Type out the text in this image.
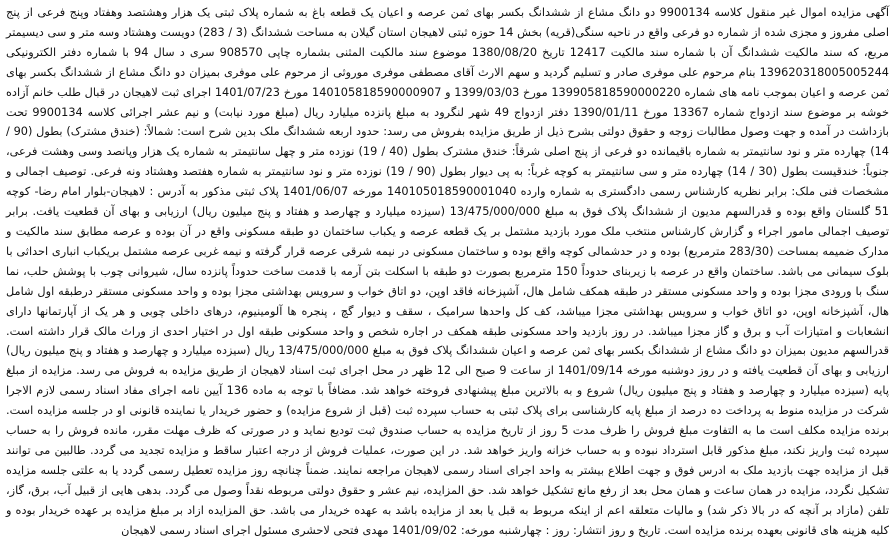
آگهی مزایده اموال غیر منقول کلاسه 9900134 دو دانگ مشاع از ششدانگ بکسر بهای ثمن عرصه و اعیان یک قطعه باغ به شماره پلاک ثبتی یک هزار وهشتصد وهفتاد وپنج فرعی از پنج اصلی مفروز و مجزی شده از شماره دو فرعی واقع در ناحیه سنگی(قریه) بخش 14 حوزه ثبتی لاهیجان استان گیلان به مساحت ششدانگ (3 / 283) دویست وهشتاد وسه متر و سی دیسیمتر مربع، که سند مالکیت ششدانگ آن با شماره سند مالکیت 12417 تاریخ 1380/08/20 موضوع سند مالکیت المثنی بشماره چاپی 908570 سری د سال 94 با شماره دفتر الکترونیکی 139620318005005244 بنام مرحوم علی موفری صادر و تسلیم گردید و سهم الارث آقای مصطفی موفری موروثی از مرحوم علی موفری بمیزان دو دانگ مشاع از ششدانگ بکسر بهای ثمن عرصه و اعیان بموجب نامه های شماره 139905818590000220 مورخ 1399/03/03 و 140105818590000907 مورخ 1401/07/23 اجرای ثبت لاهیجان در قبال طلب خانم آزاده خوشه بر موضوع سند ازدواج شماره 13367 مورخ 1390/01/11 دفتر ازدواج 49 شهر لنگرود به مبلغ پانزده میلیارد ریال (مبلغ مورد نیابت) و نیم عشر اجرائی کلاسه 9900134 تحت بازداشت در آمده و جهت وصول مطالبات زوجه و حقوق دولتی بشرح ذیل از طریق مزایده بفروش می رسد: حدود اربعه ششدانگ ملک بدین شرح است: شمالاً: (خندق مشترک) بطول (90 / 14) چهارده متر و نود سانتیمتر به شماره باقیمانده دو فرعی از پنج اصلی شرقاً: خندق مشترک بطول (40 / 19) نوزده متر و چهل سانتیمتر به شماره یک هزار وپانصد وسی وهشت فرعی، جنوباً: خندقیست بطول (30 / 14) چهارده متر و سی سانتیمتر به کوچه غرباً: به پی دیوار بطول (90 / 19) نوزده متر و نود سانتیمتر به شماره هفتصد وهشتاد ونه فرعی. توصیف اجمالی و مشخصات فنی ملک: برابر نظریه کارشناس رسمی دادگستری به شماره وارده 140105018590001040 مورخه 1401/06/07 پلاک ثبتی مذکور به آدرس : لاهیجان-بلوار امام رضا- کوچه 51 گلستان واقع بوده و قدرالسهم مدیون از ششدانگ پلاک فوق به مبلغ 13/475/000/000 (سیزده میلیارد و چهارصد و هفتاد و پنج میلیون ریال) ارزیابی و بهای آن قطعیت یافت. برابر توصیف اجمالی مامور اجراء و گزارش کارشناس منتخب ملک مورد بازدید مشتمل بر یک قطعه عرصه و یکباب ساختمان دو طبقه مسکونی واقع در آن بوده و عرصه مطابق سند مالکیت و مدارک ضمیمه بمساحت (283/30 مترمربع) بوده و در حدشمالی کوچه واقع بوده و ساختمان مسکونی در نیمه شرقی عرصه قرار گرفته و نیمه غربی عرصه مشتمل بریکباب انباری احداثی با بلوک سیمانی می باشد. ساختمان واقع در عرصه با زیربنای حدوداً 150 مترمربع بصورت دو طبقه با اسکلت بتن آرمه با قدمت ساخت حدوداً پانزده سال، شیروانی چوب با پوشش حلب، نما سنگ با ورودی مجزا بوده و واحد مسکونی مستقر در طبقه همکف شامل هال، آشپزخانه فاقد اوپن، دو اتاق خواب و سرویس بهداشتی مجزا بوده و واحد مسکونی مستقر درطبقه اول شامل هال، آشپزخانه اوپن، دو اتاق خواب و سرویس بهداشتی مجزا میباشد، کف کل واحدها سرامیک ، سقف و دیوار گچ ، پنجره ها آلومینیوم، درهای داخلی چوبی و هر یک از آپارتمانها دارای انشعابات و امتیازات آب و برق و گاز مجزا میباشد. در روز بازدید واحد مسکونی طبقه همکف در اجاره شخص و واحد مسکونی طبقه اول در اختیار احدی از وراث مالک قرار داشته است. قدرالسهم مدیون بمیزان دو دانگ مشاع از ششدانگ بکسر بهای ثمن عرصه و اعیان ششدانگ پلاک فوق به مبلغ 13/475/000/000 ریال (سیزده میلیارد و چهارصد و هفتاد و پنج میلیون ریال) ارزیابی و بهای آن قطعیت یافته و در روز دوشنبه مورخه 1401/09/14 از ساعت 9 صبح الی 12 ظهر در محل اجرای ثبت اسناد لاهیجان از طریق مزایده به فروش می رسد. مزایده از مبلغ پایه (سیزده میلیارد و چهارصد و هفتاد و پنج میلیون ریال) شروع و به بالاترین مبلغ پیشنهادی فروخته خواهد شد. مضافاً با توجه به ماده 136 آیین نامه اجرای مفاد اسناد رسمی لازم الاجرا شرکت در مزایده منوط به پرداخت ده درصد از مبلغ پایه کارشناسی برای پلاک ثبتی به حساب سپرده ثبت (قبل از شروع مزایده) و حضور خریدار یا نماینده قانونی او در جلسه مزایده است. برنده مزایده مکلف است ما به التفاوت مبلغ فروش را ظرف مدت 5 روز از تاریخ مزایده به حساب صندوق ثبت تودیع نماید و در صورتی که ظرف مهلت مقرر، مانده فروش را به حساب سپرده ثبت واریز نکند، مبلغ مذکور قابل استرداد نبوده و به حساب خزانه واریز خواهد شد. در این صورت، عملیات فروش از درجه اعتبار ساقط و مزایده تجدید می گردد. طالبین می توانند قبل از مزایده جهت بازدید ملک به ادرس فوق و جهت اطلاع بیشتر به واحد اجرای اسناد رسمی لاهیجان مراجعه نمایند. ضمناً چنانچه روز مزایده تعطیل رسمی گردد یا به علتی جلسه مزایده تشکیل نگردد، مزایده در همان ساعت و همان محل بعد از رفع مانع تشکیل خواهد شد. حق المزایده، نیم عشر و حقوق دولتی مربوطه نقداً وصول می گردد. بدهی هایی از قبیل آب، برق، گاز، تلفن (مازاد بر آنچه که در بالا ذکر شد) و مالیات متعلقه اعم از اینکه مربوط به قبل یا بعد از مزایده باشد به عهده خریدار می باشد. حق المزایده ازاد بر مبلغ مزایده بر عهده خریدار بوده و کلیه هزینه های قانونی بعهده برنده مزایده است. تاریخ و روز انتشار: روز : چهارشنبه مورخه: 1401/09/02 مهدی فتحی لاحشری مسئول اجرای اسناد رسمی لاهیجان
